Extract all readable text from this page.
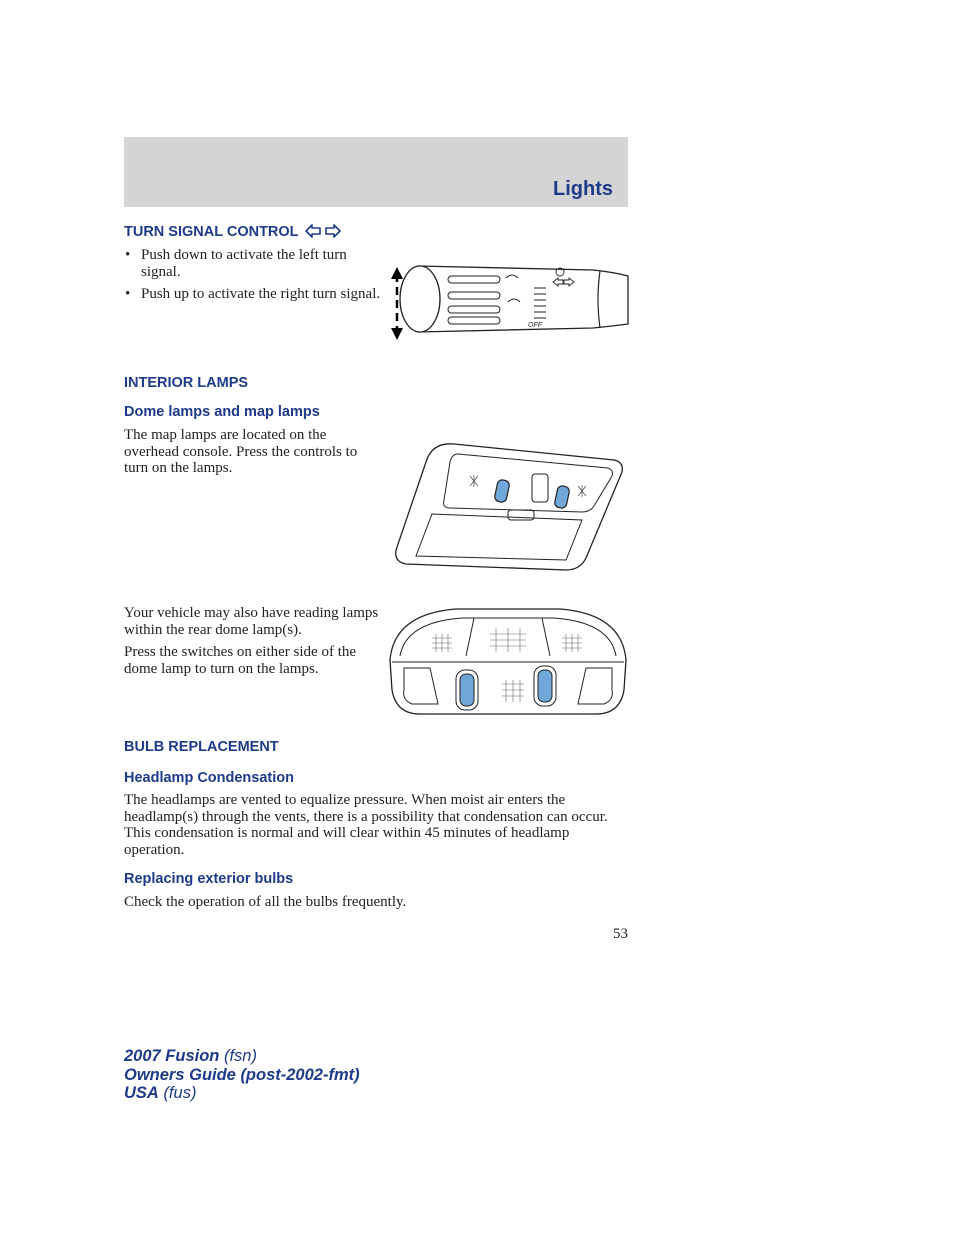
Lights
TURN SIGNAL CONTROL
• Push down to activate the left turn signal.
• Push up to activate the right turn signal.
OFF
INTERIOR LAMPS
Dome lamps and map lamps

The map lamps are located on the overhead console. Press the controls to turn on the lamps.

Your vehicle may also have reading lamps within the rear dome lamp(s).

Press the switches on either side of the dome lamp to turn on the lamps.

BULB REPLACEMENT
Headlamp Condensation

The headlamps are vented to equalize pressure. When moist air enters the headlamp(s) through the vents, there is a possibility that condensation can occur. This condensation is normal and will clear within 45 minutes of headlamp operation.

Replacing exterior bulbs

Check the operation of all the bulbs frequently.

53
2007 Fusion (fsn)
Owners Guide (post-2002-fmt)
USA (fus)
